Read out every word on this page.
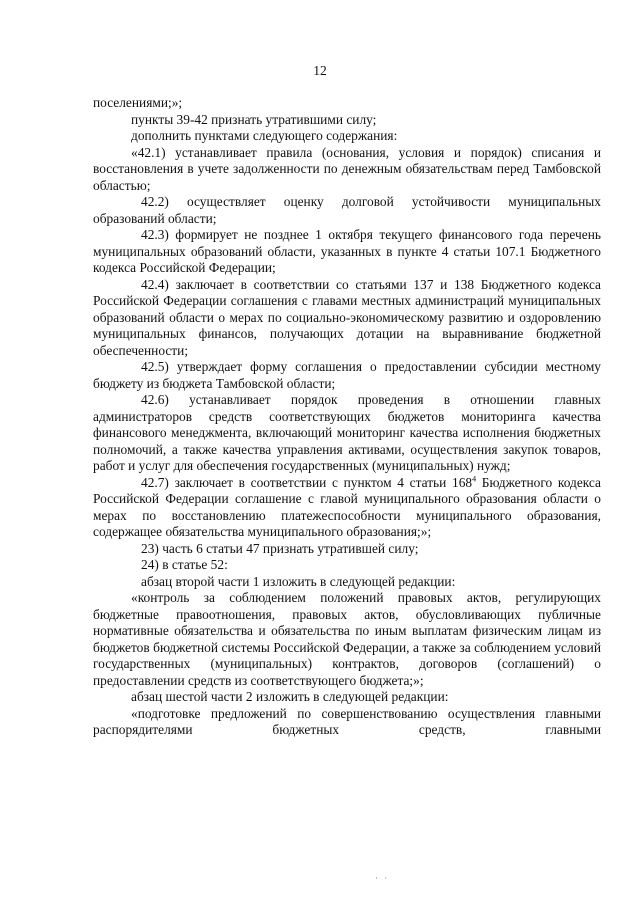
12

поселениями;»;

пункты 39-42 признать утратившими силу;

дополнить пунктами следующего содержания:

«42.1) устанавливает правила (основания, условия и порядок) списания и восстановления в учете задолженности по денежным обязательствам перед Тамбовской областью;

42.2) осуществляет оценку долговой устойчивости муниципальных образований области;

42.3) формирует не позднее 1 октября текущего финансового года перечень муниципальных образований области, указанных в пункте 4 статьи 107.1 Бюджетного кодекса Российской Федерации;

42.4) заключает в соответствии со статьями 137 и 138 Бюджетного кодекса Российской Федерации соглашения с главами местных администраций муниципальных образований области о мерах по социально-экономическому развитию и оздоровлению муниципальных финансов, получающих дотации на выравнивание бюджетной обеспеченности;

42.5) утверждает форму соглашения о предоставлении субсидии местному бюджету из бюджета Тамбовской области;

42.6) устанавливает порядок проведения в отношении главных администраторов средств соответствующих бюджетов мониторинга качества финансового менеджмента, включающий мониторинг качества исполнения бюджетных полномочий, а также качества управления активами, осуществления закупок товаров, работ и услуг для обеспечения государственных (муниципальных) нужд;

42.7) заключает в соответствии с пунктом 4 статьи $168^4$ Бюджетного кодекса Российской Федерации соглашение с главой муниципального образования области о мерах по восстановлению платежеспособности муниципального образования, содержащее обязательства муниципального образования;»;

23) часть 6 статьи 47 признать утратившей силу;

24) в статье 52:

абзац второй части 1 изложить в следующей редакции:

«контроль за соблюдением положений правовых актов, регулирующих бюджетные правоотношения, правовых актов, обусловливающих публичные нормативные обязательства и обязательства по иным выплатам физическим лицам из бюджетов бюджетной системы Российской Федерации, а также за соблюдением условий государственных (муниципальных) контрактов, договоров (соглашений) о предоставлении средств из соответствующего бюджета;»;

абзац шестой части 2 изложить в следующей редакции:

«подготовке предложений по совершенствованию осуществления главными распорядителями бюджетных средств, главными

· ·
